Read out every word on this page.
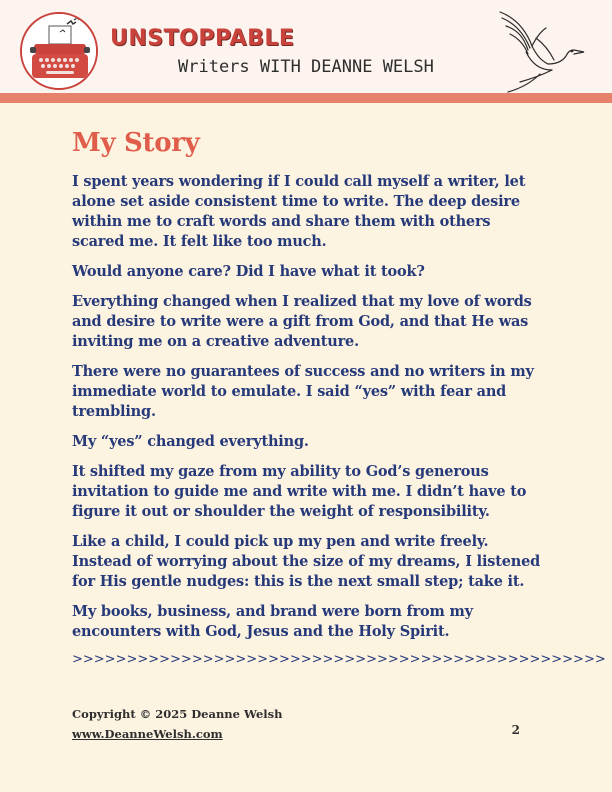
UNSTOPPABLE
Writers WITH DEANNE WELSH
My Story

I spent years wondering if I could call myself a writer, let alone set aside consistent time to write. The deep desire within me to craft words and share them with others scared me. It felt like too much.

Would anyone care? Did I have what it took?

Everything changed when I realized that my love of words and desire to write were a gift from God, and that He was inviting me on a creative adventure.

There were no guarantees of success and no writers in my immediate world to emulate. I said “yes” with fear and trembling.

My “yes” changed everything.

It shifted my gaze from my ability to God’s generous invitation to guide me and write with me. I didn’t have to figure it out or shoulder the weight of responsibility.

Like a child, I could pick up my pen and write freely. Instead of worrying about the size of my dreams, I listened for His gentle nudges: this is the next small step; take it.

My books, business, and brand were born from my encounters with God, Jesus and the Holy Spirit.

>>>>>>>>>>>>>>>>>>>>>>>>>>>>>>>>>>>>>>>>>>>>>>>>>
Copyright © 2025 Deanne Welsh
www.DeanneWelsh.com	2
